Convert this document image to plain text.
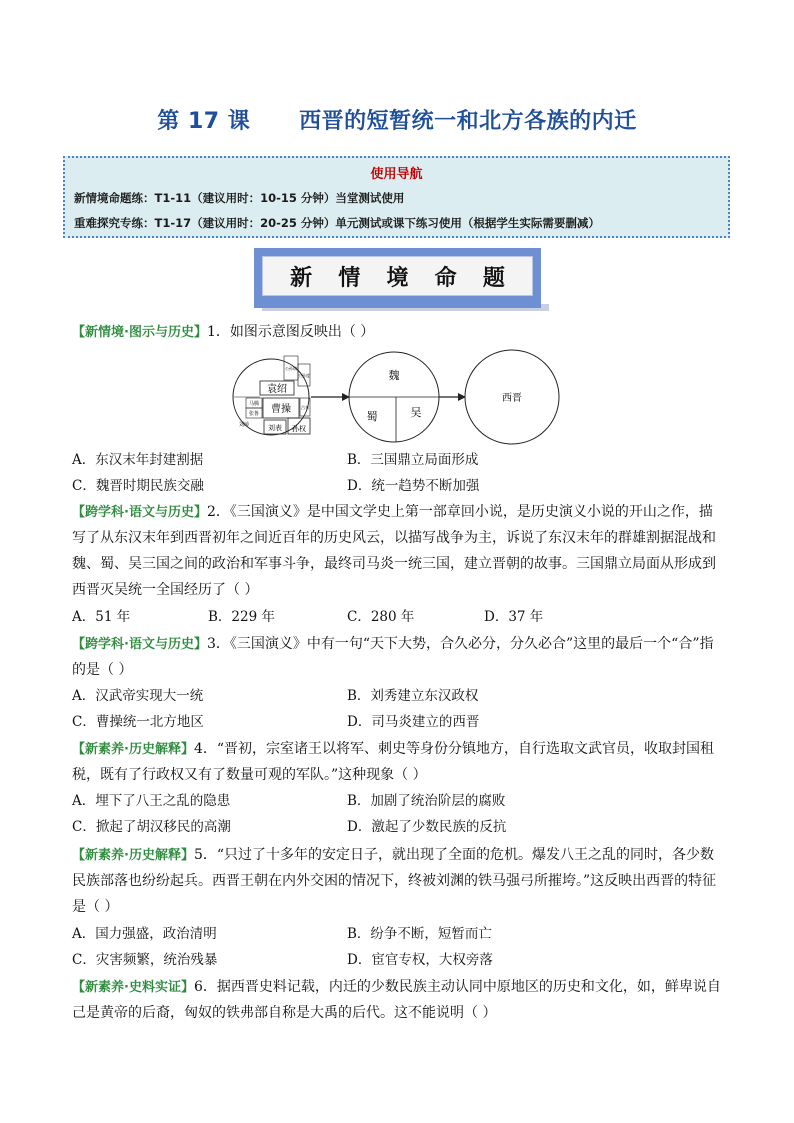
第 17 课      西晋的短暂统一和北方各族的内迁
使用导航
新情境命题练：T1-11（建议用时：10-15 分钟）当堂测试使用
重难探究专练：T1-17（建议用时：20-25 分钟）单元测试或课下练习使用（根据学生实际需要删减）
新 情 境 命 题
【新情境·图示与历史】1．如图示意图反映出（ ）
袁绍
曹操
刘表 孙权
马腾
张鲁
公孙瓒
公孙度
吕布
刘璋
魏
蜀	吴
西晋
A．东汉末年封建割据	B．三国鼎立局面形成
C．魏晋时期民族交融	D．统一趋势不断加强
【跨学科·语文与历史】2．《三国演义》是中国文学史上第一部章回小说，是历史演义小说的开山之作，描
写了从东汉末年到西晋初年之间近百年的历史风云，以描写战争为主，诉说了东汉末年的群雄割据混战和
魏、蜀、吴三国之间的政治和军事斗争，最终司马炎一统三国，建立晋朝的故事。三国鼎立局面从形成到
西晋灭吴统一全国经历了（ ）
A．51 年	B．229 年	C．280 年	D．37 年
【跨学科·语文与历史】3．《三国演义》中有一句“天下大势，合久必分，分久必合”这里的最后一个“合”指
的是（ ）
A．汉武帝实现大一统	B．刘秀建立东汉政权
C．曹操统一北方地区	D．司马炎建立的西晋
【新素养·历史解释】4．“晋初，宗室诸王以将军、刺史等身份分镇地方，自行选取文武官员，收取封国租
税，既有了行政权又有了数量可观的军队。”这种现象（ ）
A．埋下了八王之乱的隐患	B．加剧了统治阶层的腐败
C．掀起了胡汉移民的高潮	D．激起了少数民族的反抗
【新素养·历史解释】5．“只过了十多年的安定日子，就出现了全面的危机。爆发八王之乱的同时，各少数
民族部落也纷纷起兵。西晋王朝在内外交困的情况下，终被刘渊的铁马强弓所摧垮。”这反映出西晋的特征
是（ ）
A．国力强盛，政治清明	B．纷争不断，短暂而亡
C．灾害频繁，统治残暴	D．宦官专权，大权旁落
【新素养·史料实证】6．据西晋史料记载，内迁的少数民族主动认同中原地区的历史和文化，如，鲜卑说自
己是黄帝的后裔，匈奴的铁弗部自称是大禹的后代。这不能说明（ ）
